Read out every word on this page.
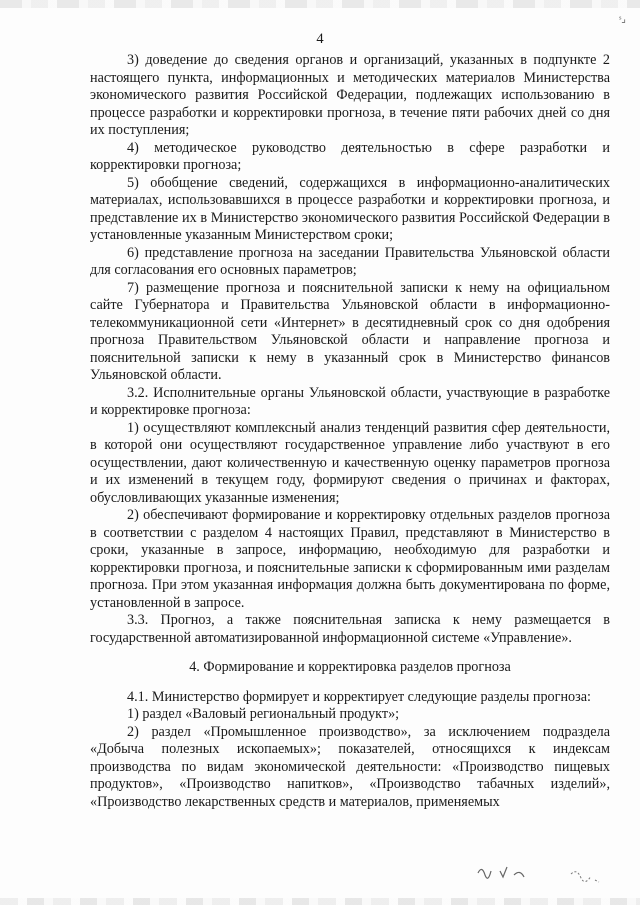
ˢ⌟
4

3) доведение до сведения органов и организаций, указанных в подпункте 2 настоящего пункта, информационных и методических материалов Министерства экономического развития Российской Федерации, подлежащих использованию в процессе разработки и корректировки прогноза, в течение пяти рабочих дней со дня их поступления;

4) методическое руководство деятельностью в сфере разработки и корректировки прогноза;

5) обобщение сведений, содержащихся в информационно-аналитических материалах, использовавшихся в процессе разработки и корректировки прогноза, и представление их в Министерство экономического развития Российской Федерации в установленные указанным Министерством сроки;

6) представление прогноза на заседании Правительства Ульяновской области для согласования его основных параметров;

7) размещение прогноза и пояснительной записки к нему на официальном сайте Губернатора и Правительства Ульяновской области в информационно-телекоммуникационной сети «Интернет» в десятидневный срок со дня одобрения прогноза Правительством Ульяновской области и направление прогноза и пояснительной записки к нему в указанный срок в Министерство финансов Ульяновской области.

3.2. Исполнительные органы Ульяновской области, участвующие в разработке и корректировке прогноза:

1) осуществляют комплексный анализ тенденций развития сфер деятельности, в которой они осуществляют государственное управление либо участвуют в его осуществлении, дают количественную и качественную оценку параметров прогноза и их изменений в текущем году, формируют сведения о причинах и факторах, обусловливающих указанные изменения;

2) обеспечивают формирование и корректировку отдельных разделов прогноза в соответствии с разделом 4 настоящих Правил, представляют в Министерство в сроки, указанные в запросе, информацию, необходимую для разработки и корректировки прогноза, и пояснительные записки к сформированным ими разделам прогноза. При этом указанная информация должна быть документирована по форме, установленной в запросе.

3.3. Прогноз, а также пояснительная записка к нему размещается в государственной автоматизированной информационной системе «Управление».

4. Формирование и корректировка разделов прогноза

4.1. Министерство формирует и корректирует следующие разделы прогноза:

1) раздел «Валовый региональный продукт»;

2) раздел «Промышленное производство», за исключением подраздела «Добыча полезных ископаемых»; показателей, относящихся к индексам производства по видам экономической деятельности: «Производство пищевых продуктов», «Производство напитков», «Производство табачных изделий», «Производство лекарственных средств и материалов, применяемых
